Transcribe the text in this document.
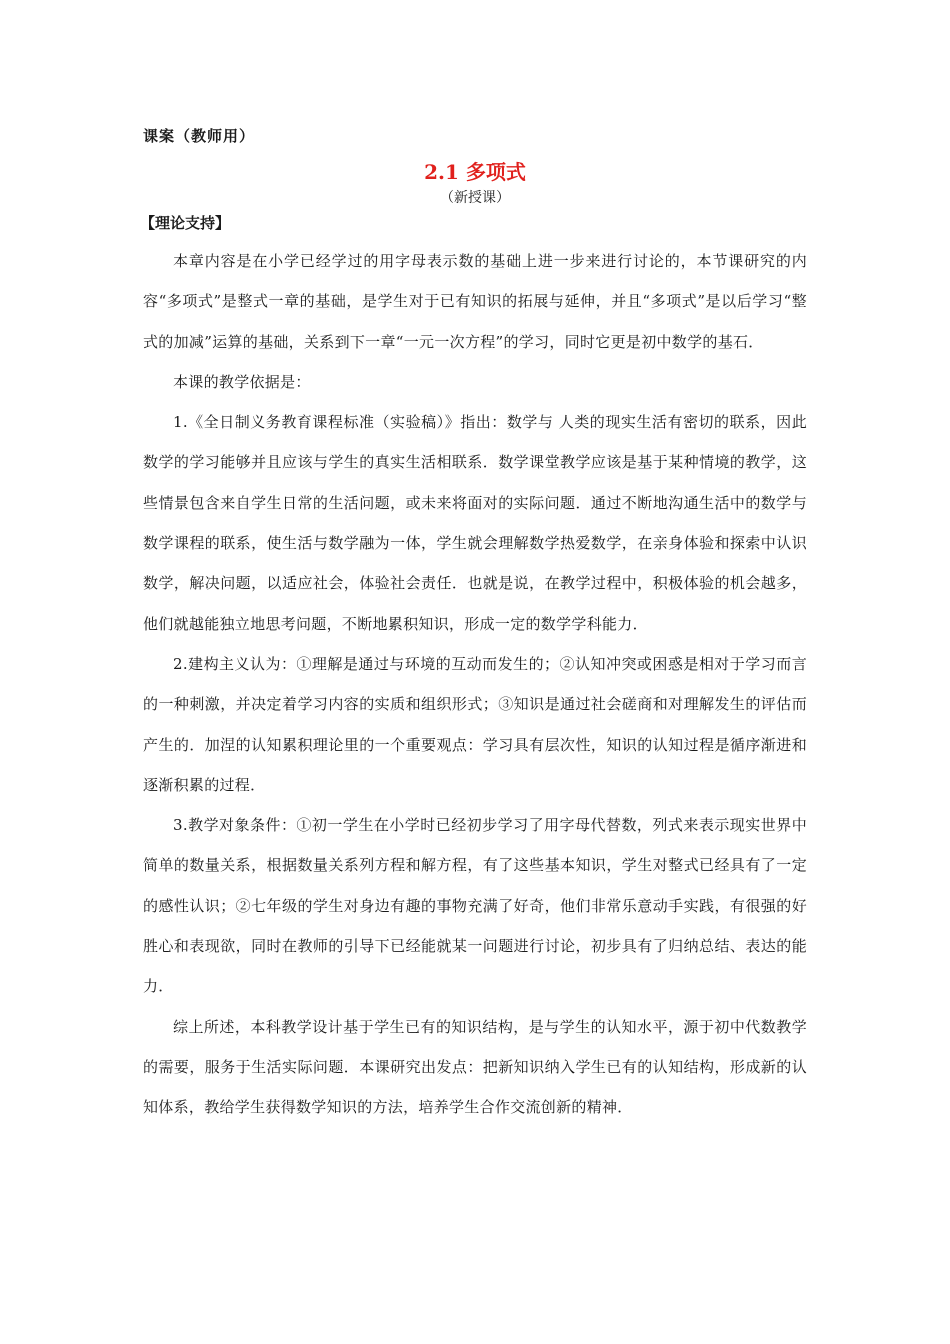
课案（教师用）
2.1 多项式
（新授课）
【理论支持】

本章内容是在小学已经学过的用字母表示数的基础上进一步来进行讨论的，本节课研究的内容“多项式”是整式一章的基础，是学生对于已有知识的拓展与延伸，并且“多项式”是以后学习“整式的加减”运算的基础，关系到下一章“一元一次方程”的学习，同时它更是初中数学的基石．

本课的教学依据是：

1.《全日制义务教育课程标准（实验稿）》指出：数学与 人类的现实生活有密切的联系，因此数学的学习能够并且应该与学生的真实生活相联系．数学课堂教学应该是基于某种情境的教学，这些情景包含来自学生日常的生活问题，或未来将面对的实际问题．通过不断地沟通生活中的数学与数学课程的联系，使生活与数学融为一体，学生就会理解数学热爱数学，在亲身体验和探索中认识数学，解决问题，以适应社会，体验社会责任．也就是说，在教学过程中，积极体验的机会越多，他们就越能独立地思考问题，不断地累积知识，形成一定的数学学科能力．

2.建构主义认为：①理解是通过与环境的互动而发生的；②认知冲突或困惑是相对于学习而言的一种刺激，并决定着学习内容的实质和组织形式；③知识是通过社会磋商和对理解发生的评估而产生的．加涅的认知累积理论里的一个重要观点：学习具有层次性，知识的认知过程是循序渐进和逐渐积累的过程．

3.教学对象条件：①初一学生在小学时已经初步学习了用字母代替数，列式来表示现实世界中简单的数量关系，根据数量关系列方程和解方程，有了这些基本知识，学生对整式已经具有了一定的感性认识；②七年级的学生对身边有趣的事物充满了好奇，他们非常乐意动手实践，有很强的好胜心和表现欲，同时在教师的引导下已经能就某一问题进行讨论，初步具有了归纳总结、表达的能力．

综上所述，本科教学设计基于学生已有的知识结构，是与学生的认知水平，源于初中代数教学的需要，服务于生活实际问题．本课研究出发点：把新知识纳入学生已有的认知结构，形成新的认知体系，教给学生获得数学知识的方法，培养学生合作交流创新的精神．
